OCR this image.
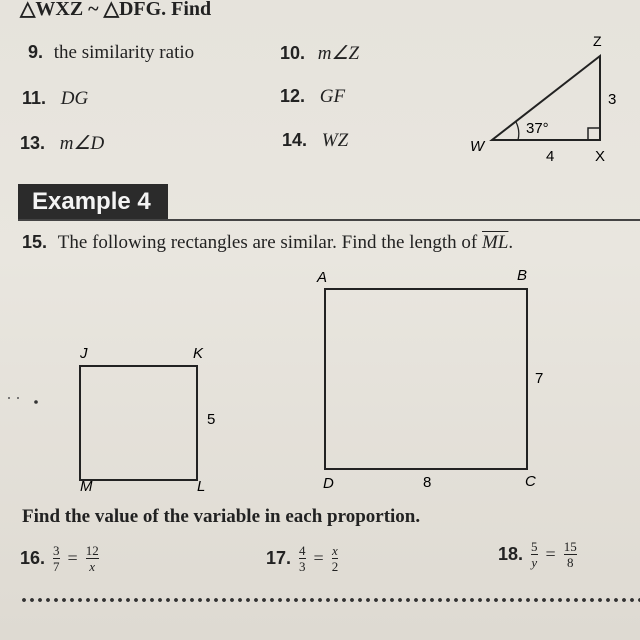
△WXZ ~ △DFG. Find
9. the similarity ratio	10. m∠Z
11. DG	12. GF
13. m∠D	14. WZ
Z
W
X
3
4
37°
Example 4
15. The following rectangles are similar. Find the length of $\overline{ML}$.
J	K
M	L
5
A	B
C
D
7
8
Find the value of the variable in each proportion.
16. $\frac{3}{7} = \frac{12}{x}$	17. $\frac{4}{3} = \frac{x}{2}$	18. $\frac{5}{y} = \frac{15}{8}$
